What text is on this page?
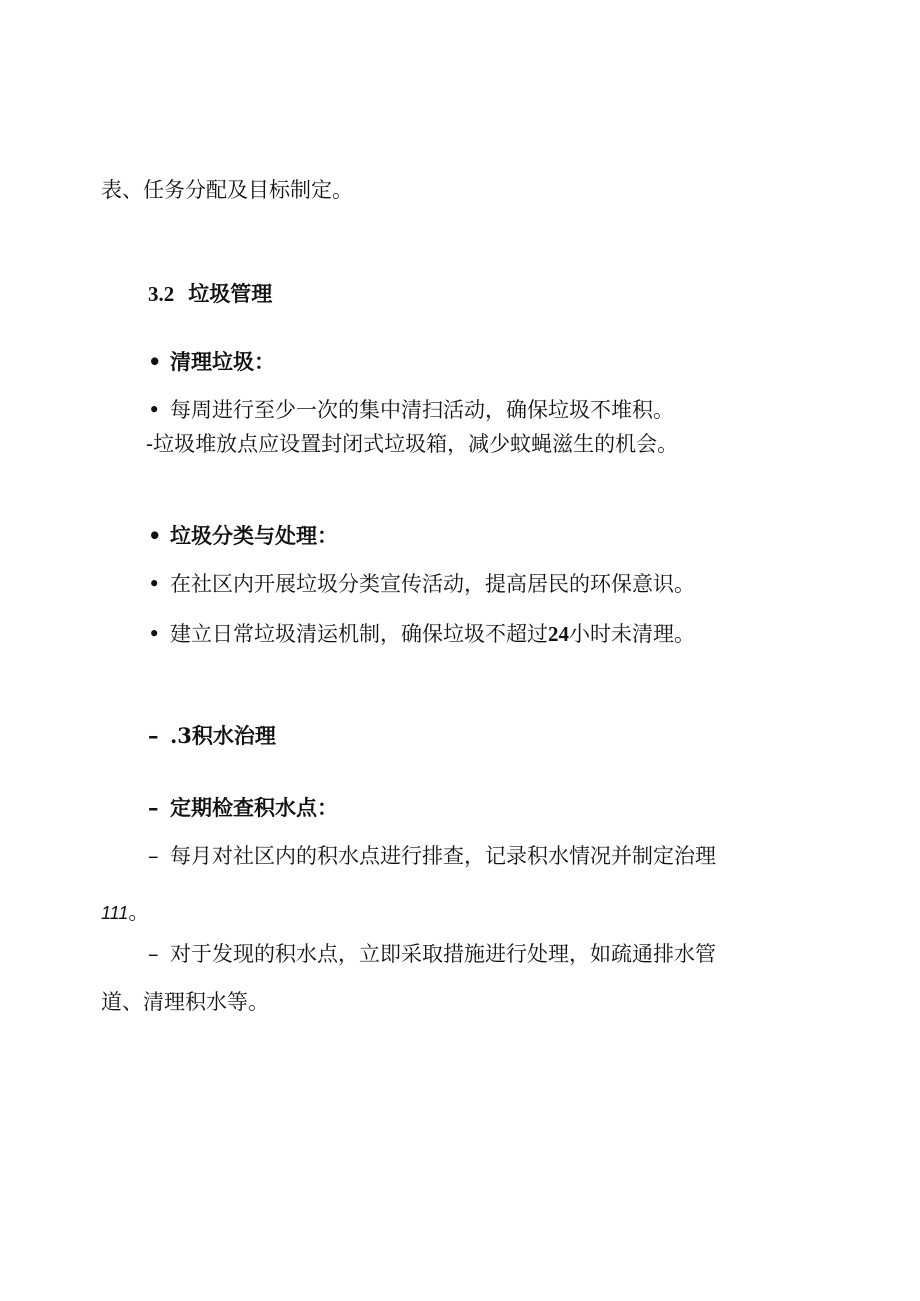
表、任务分配及目标制定。
3.2 垃圾管理
• 清理垃圾：
• 每周进行至少一次的集中清扫活动，确保垃圾不堆积。
-垃圾堆放点应设置封闭式垃圾箱，减少蚊蝇滋生的机会。
• 垃圾分类与处理：
• 在社区内开展垃圾分类宣传活动，提高居民的环保意识。
• 建立日常垃圾清运机制，确保垃圾不超过24小时未清理。
– .3积水治理
– 定期检查积水点：
– 每月对社区内的积水点进行排查，记录积水情况并制定治理
111。
– 对于发现的积水点，立即采取措施进行处理，如疏通排水管
道、清理积水等。
